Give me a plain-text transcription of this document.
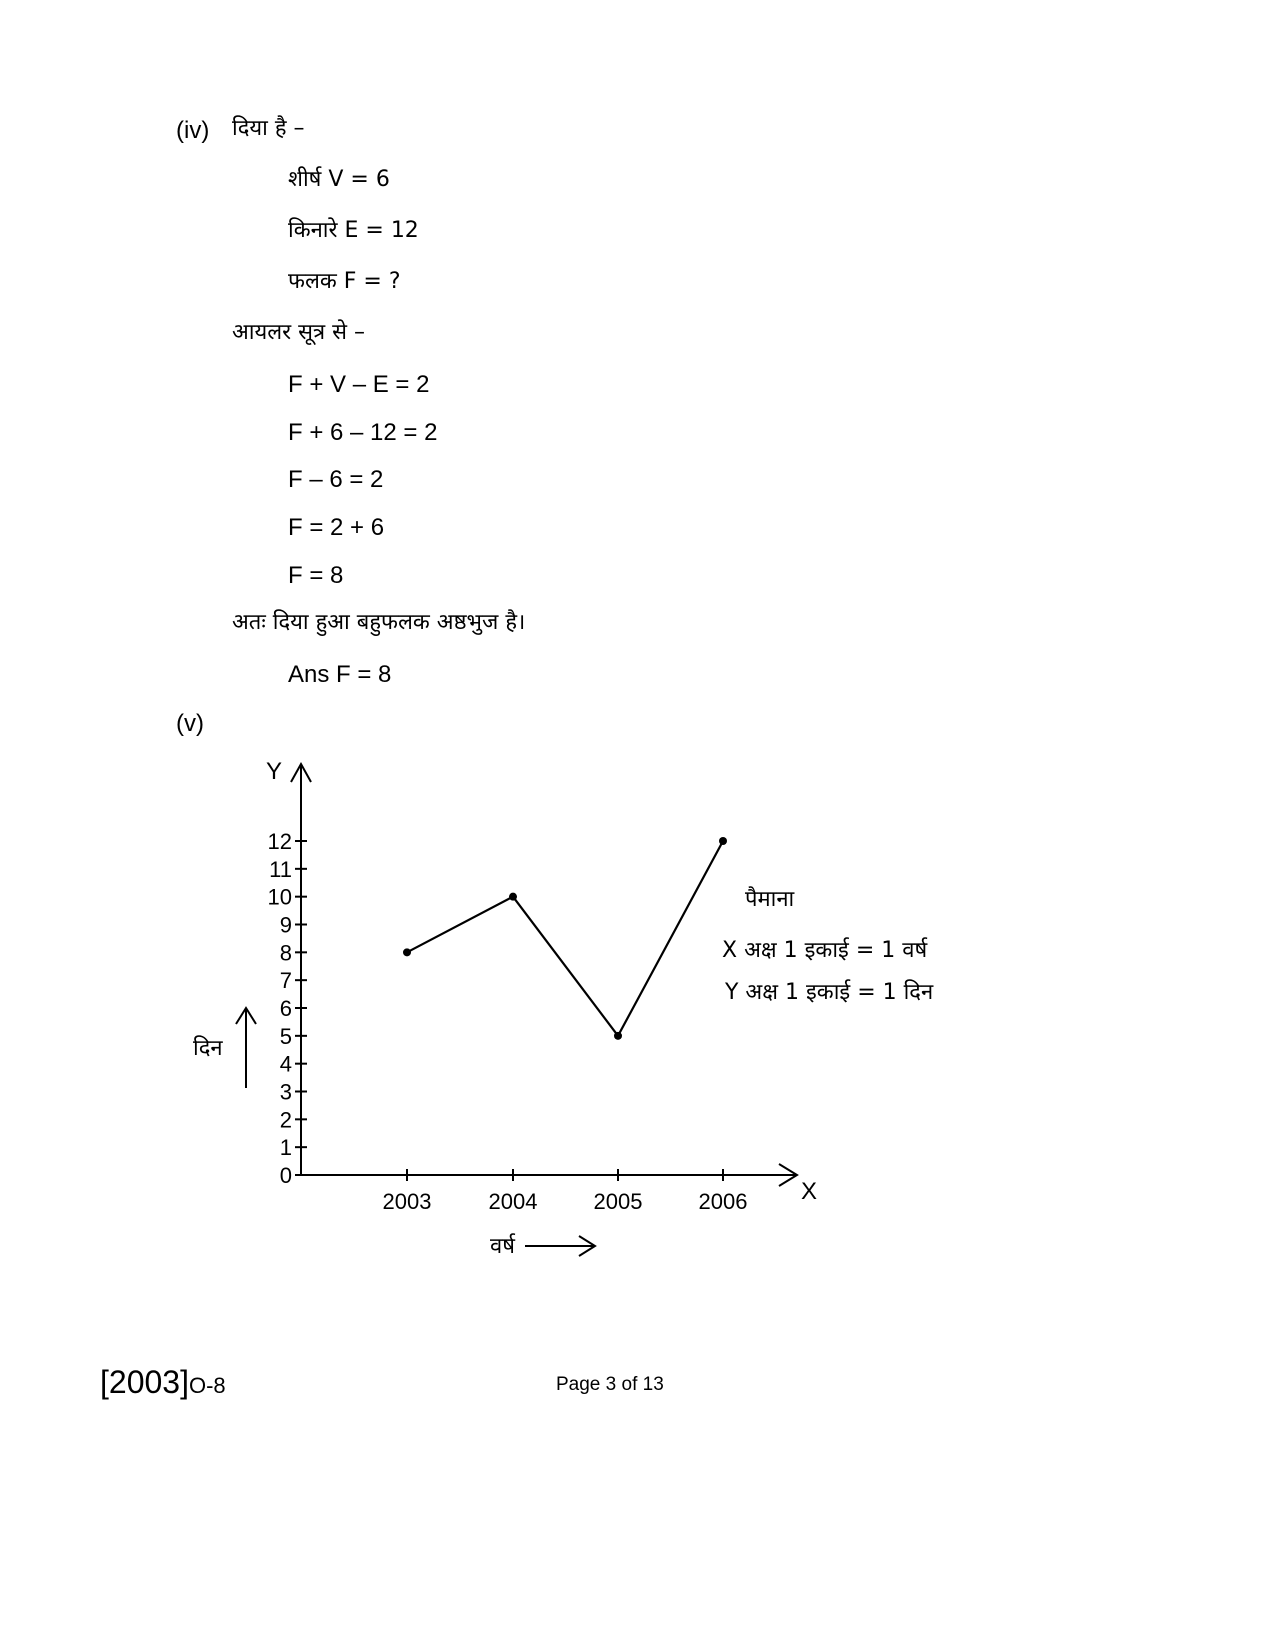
(iv) दिया है –
शीर्ष V = 6
किनारे E = 12
फलक F = ?
आयलर सूत्र से –
F + V – E = 2
F + 6 – 12 = 2
F – 6 = 2
F = 2 + 6
F = 8
अतः दिया हुआ बहुफलक अष्ठभुज है।
Ans F = 8
(v)
Y
X
0
1
2
3
4
5
6
7
8
9
10
11
12
2003	2004	2005	2006
दिन
वर्ष
पैमाना
X अक्ष 1 इकाई = 1 वर्ष
Y अक्ष 1 इकाई = 1 दिन
[2003]O-8	Page 3 of 13
